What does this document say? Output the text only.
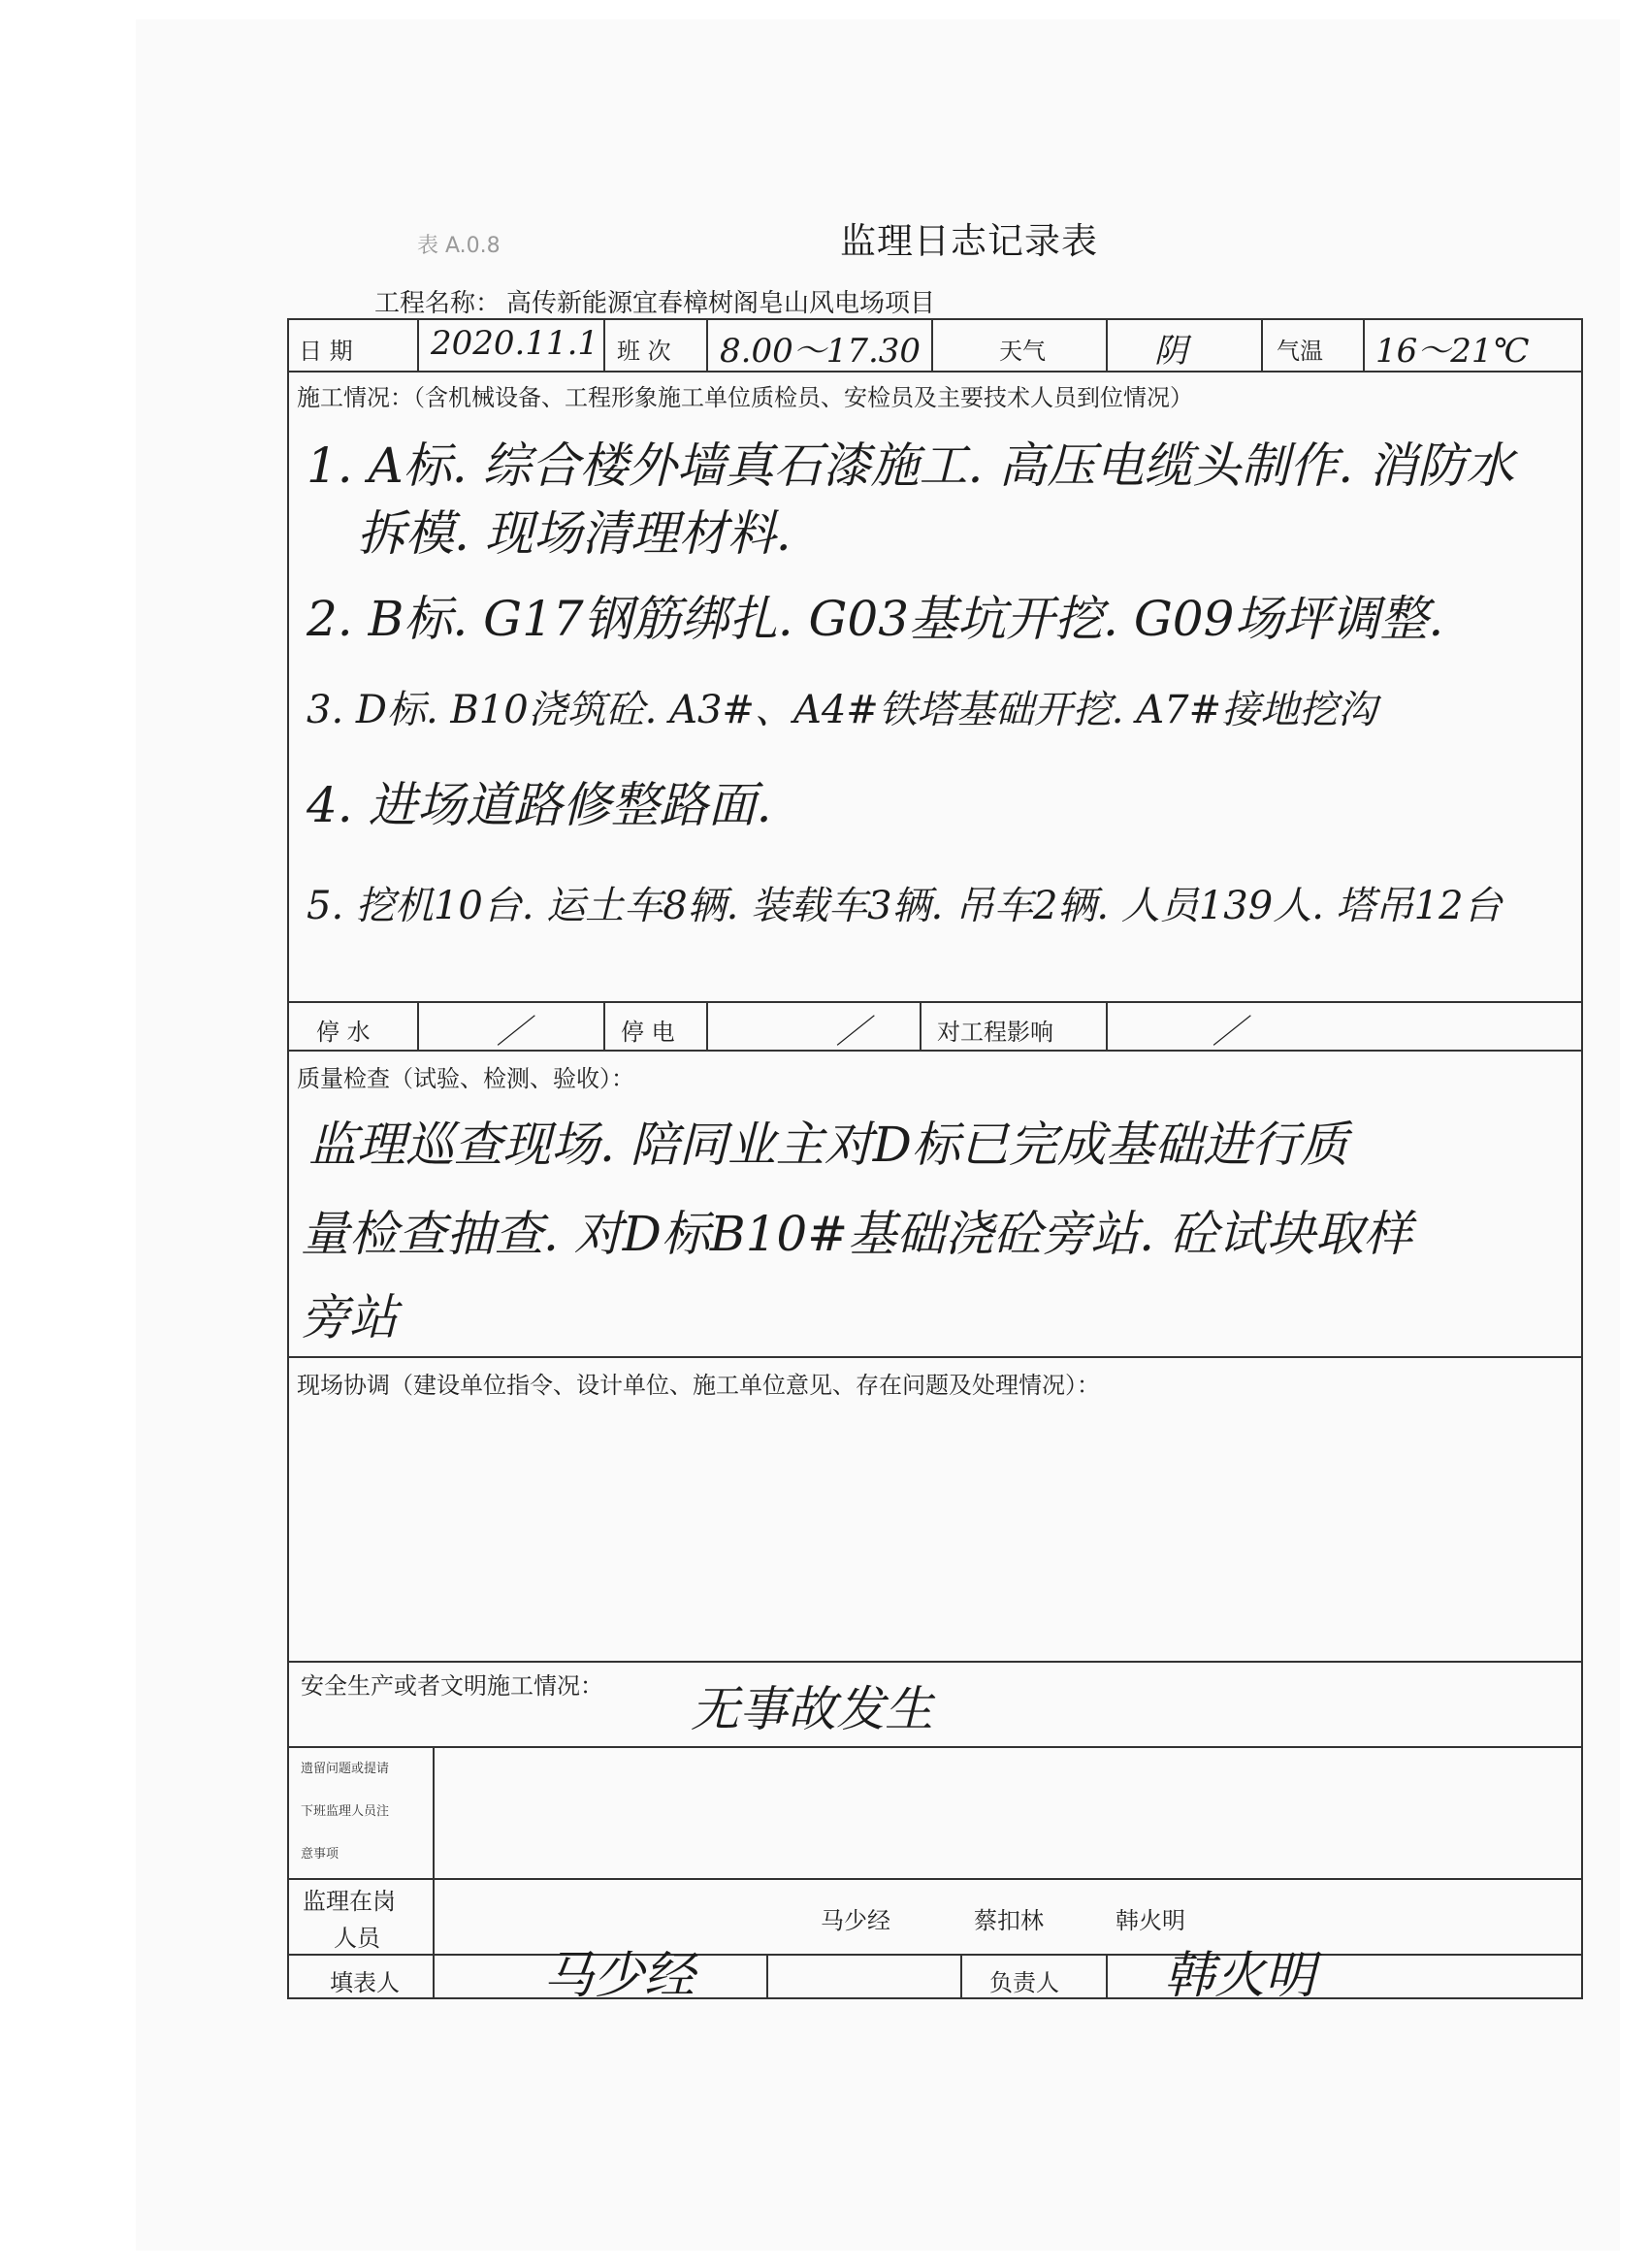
表 A.0.8	监理日志记录表
工程名称： 高传新能源宜春樟树阁皂山风电场项目
日 期 2020.11.1 班 次 8.00～17.30	天气	阴	气温 16～21℃
施工情况：（含机械设备、工程形象施工单位质检员、安检员及主要技术人员到位情况）
1. A标. 综合楼外墙真石漆施工. 高压电缆头制作. 消防水
拆模. 现场清理材料.
2. B标. G17钢筋绑扎. G03基坑开挖. G09场坪调整.
3. D标. B10浇筑砼. A3#、A4#铁塔基础开挖. A7#接地挖沟
4. 进场道路修整路面.
5. 挖机10台. 运土车8辆. 装载车3辆. 吊车2辆. 人员139人. 塔吊12台
停 水	／	停 电	／	对工程影响	／
质量检查（试验、检测、验收）：
监理巡查现场. 陪同业主对D标已完成基础进行质
量检查抽查. 对D标B10#基础浇砼旁站. 砼试块取样
旁站
现场协调（建设单位指令、设计单位、施工单位意见、存在问题及处理情况）：
安全生产或者文明施工情况： 无事故发生
遗留问题或提请
下班监理人员注
意事项
监理在岗
人员
马少经	蔡扣林	韩火明
填表人	马少经	负责人 韩火明
